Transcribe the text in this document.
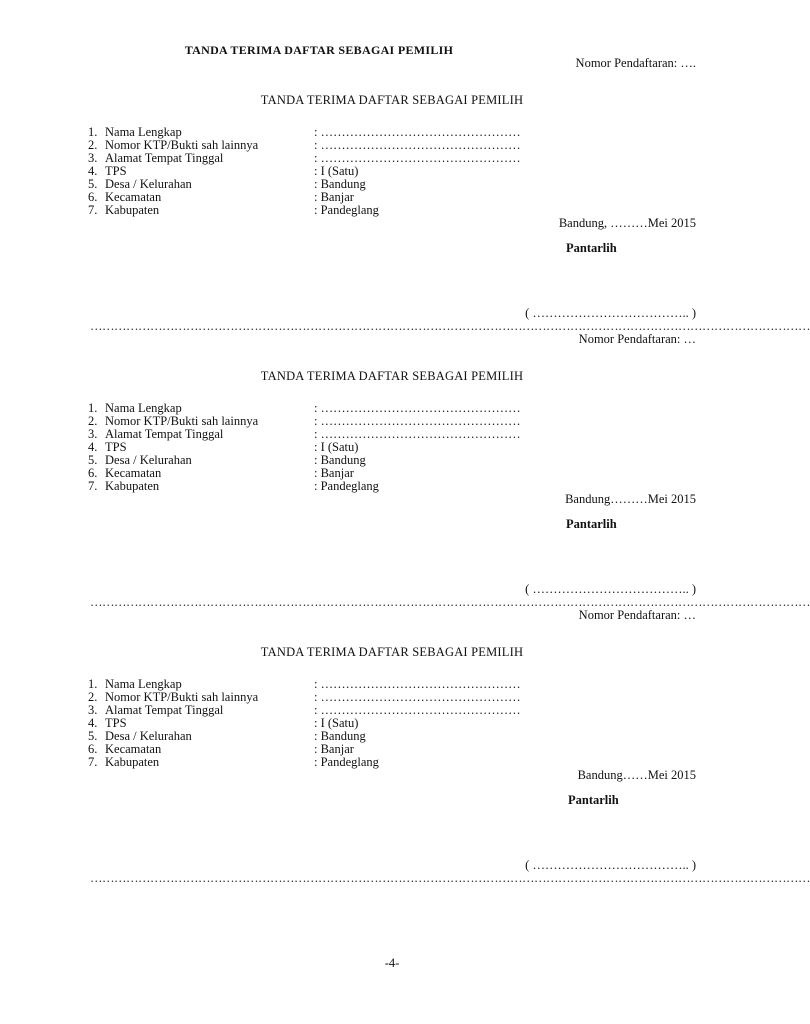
TANDA TERIMA DAFTAR SEBAGAI PEMILIH
Nomor Pendaftaran: ….
TANDA TERIMA DAFTAR SEBAGAI PEMILIH
1. Nama Lengkap	: …………………………………………
2. Nomor KTP/Bukti sah lainnya	: …………………………………………
3. Alamat Tempat Tinggal	: …………………………………………
4. TPS	: I (Satu)
5. Desa / Kelurahan	: Bandung
6. Kecamatan	: Banjar
7. Kabupaten	: Pandeglang
Bandung, ………Mei 2015
Pantarlih
( ……………………………….. )
………………………………………………………………………………………………………………………………………………………………
Nomor Pendaftaran: …
TANDA TERIMA DAFTAR SEBAGAI PEMILIH
1. Nama Lengkap	: …………………………………………
2. Nomor KTP/Bukti sah lainnya	: …………………………………………
3. Alamat Tempat Tinggal	: …………………………………………
4. TPS	: I (Satu)
5. Desa / Kelurahan	: Bandung
6. Kecamatan	: Banjar
7. Kabupaten	: Pandeglang
Bandung………Mei 2015
Pantarlih
( ……………………………….. )
………………………………………………………………………………………………………………………………………………………………
Nomor Pendaftaran: …
TANDA TERIMA DAFTAR SEBAGAI PEMILIH
1. Nama Lengkap	: …………………………………………
2. Nomor KTP/Bukti sah lainnya	: …………………………………………
3. Alamat Tempat Tinggal	: …………………………………………
4. TPS	: I (Satu)
5. Desa / Kelurahan	: Bandung
6. Kecamatan	: Banjar
7. Kabupaten	: Pandeglang
Bandung……Mei 2015
Pantarlih
( ……………………………….. )
………………………………………………………………………………………………………………………………………………………………
-4-
